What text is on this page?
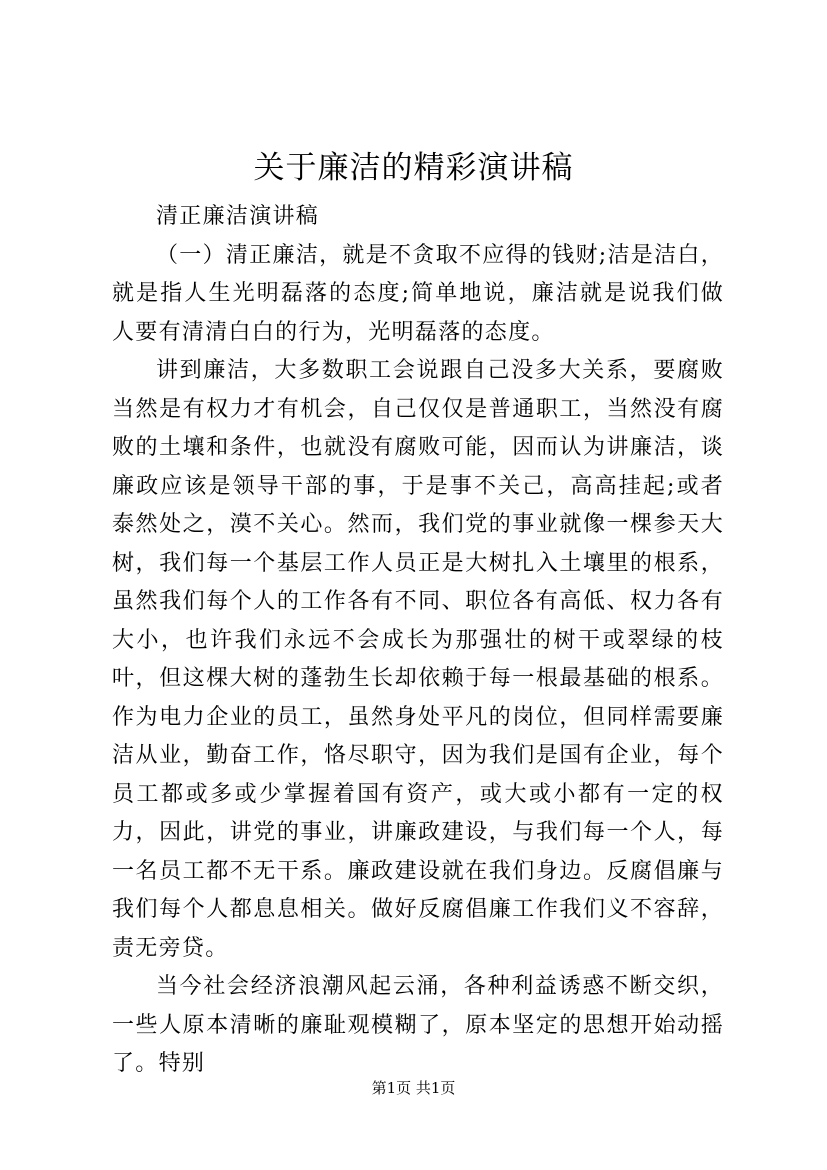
关于廉洁的精彩演讲稿

清正廉洁演讲稿

（一）清正廉洁，就是不贪取不应得的钱财;洁是洁白，就是指人生光明磊落的态度;简单地说，廉洁就是说我们做人要有清清白白的行为，光明磊落的态度。

讲到廉洁，大多数职工会说跟自己没多大关系，要腐败当然是有权力才有机会，自己仅仅是普通职工，当然没有腐败的土壤和条件，也就没有腐败可能，因而认为讲廉洁，谈廉政应该是领导干部的事，于是事不关己，高高挂起;或者泰然处之，漠不关心。然而，我们党的事业就像一棵参天大树，我们每一个基层工作人员正是大树扎入土壤里的根系，虽然我们每个人的工作各有不同、职位各有高低、权力各有大小，也许我们永远不会成长为那强壮的树干或翠绿的枝叶，但这棵大树的蓬勃生长却依赖于每一根最基础的根系。作为电力企业的员工，虽然身处平凡的岗位，但同样需要廉洁从业，勤奋工作，恪尽职守，因为我们是国有企业，每个员工都或多或少掌握着国有资产，或大或小都有一定的权力，因此，讲党的事业，讲廉政建设，与我们每一个人，每一名员工都不无干系。廉政建设就在我们身边。反腐倡廉与我们每个人都息息相关。做好反腐倡廉工作我们义不容辞，责无旁贷。

当今社会经济浪潮风起云涌，各种利益诱惑不断交织，一些人原本清晰的廉耻观模糊了，原本坚定的思想开始动摇了。特别

第1页 共1页
